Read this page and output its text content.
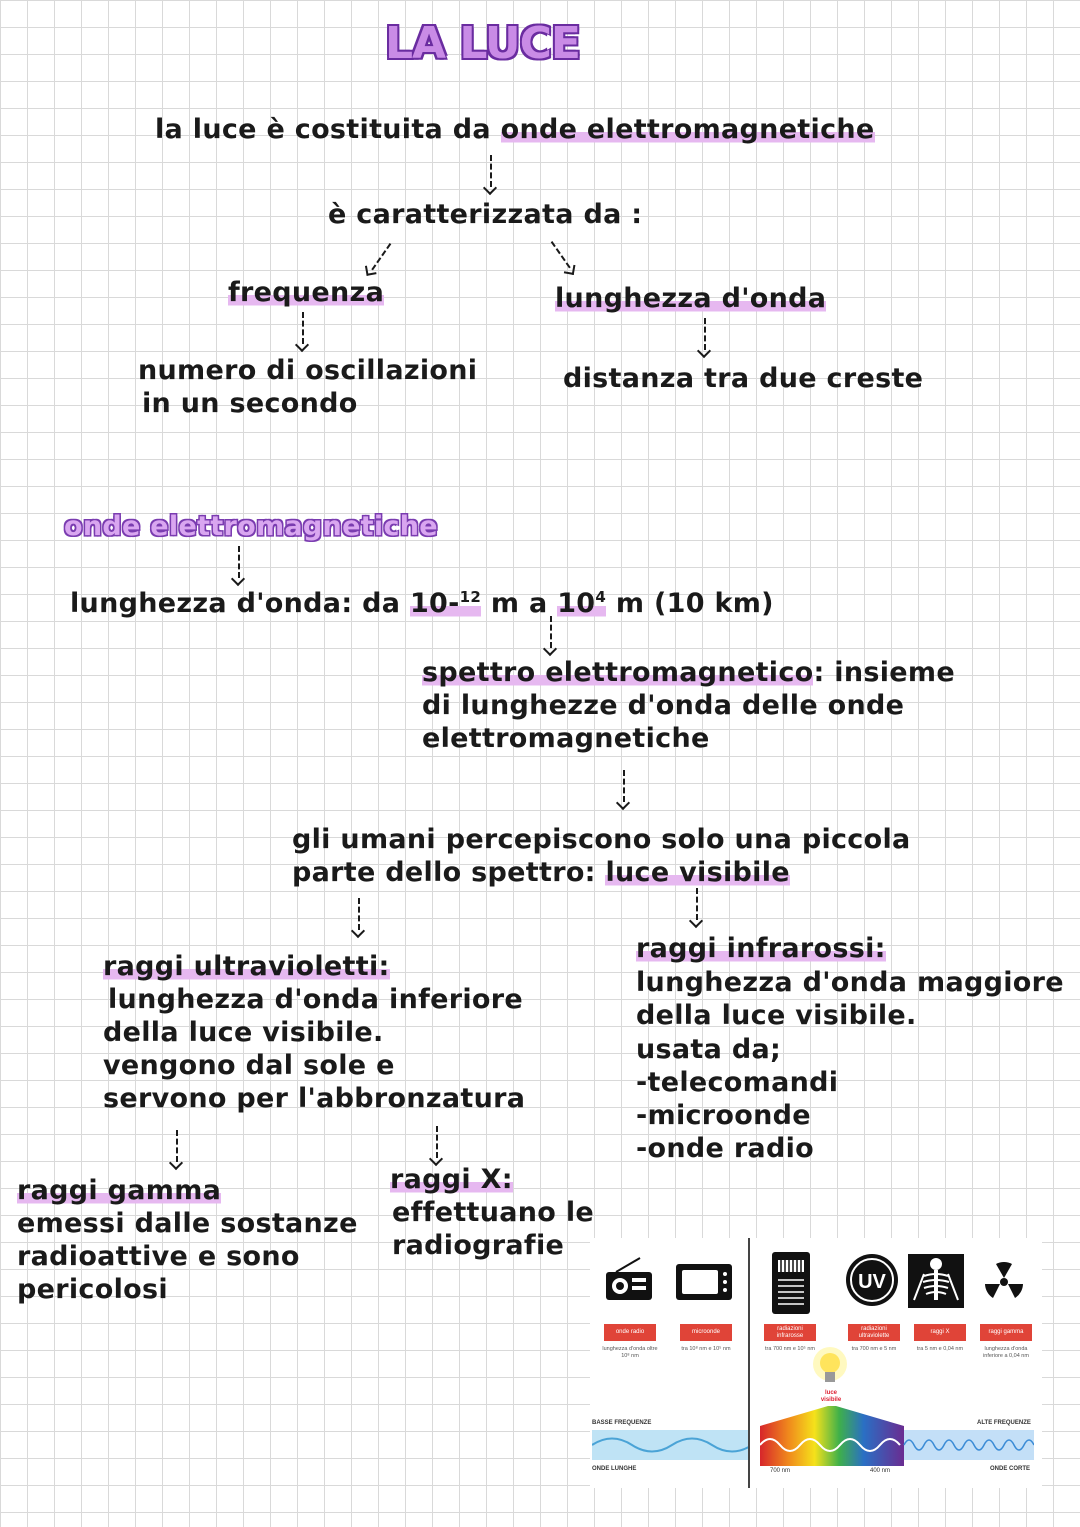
LA LUCE
la luce è costituita da onde elettromagnetiche
è caratterizzata da :
frequenza
numero di oscillazioni
in un secondo
lunghezza d'onda
distanza tra due creste
onde elettromagnetiche
lunghezza d'onda: da 10-$^{12}$ m a $10^4$ m (10 km)
spettro elettromagnetico: insieme
di lunghezze d'onda delle onde
elettromagnetiche
gli umani percepiscono solo una piccola
parte dello spettro: luce visibile
raggi ultravioletti:
lunghezza d'onda inferiore
della luce visibile.
vengono dal sole e
servono per l'abbronzatura
raggi infrarossi:
lunghezza d'onda maggiore
della luce visibile.
usata da;
-telecomandi
-microonde
-onde radio
raggi gamma
emessi dalle sostanze
radioattive e sono
pericolosi
raggi X:
effettuano le
radiografie
UV
onde radio
lunghezza d'onda oltre 10⁸ nm
microonde
tra 10⁸ nm e 10⁵ nm
radiazioni infrarosse
tra 700 nm e 10⁵ nm
radiazioni ultraviolette
tra 700 nm e 5 nm
raggi X
tra 5 nm e 0,04 nm
raggi gamma
lunghezza d'onda inferiore a 0,04 nm
luce visibile
BASSE FREQUENZE	ALTE FREQUENZE
ONDE LUNGHE	700 nm	400 nm	ONDE CORTE
